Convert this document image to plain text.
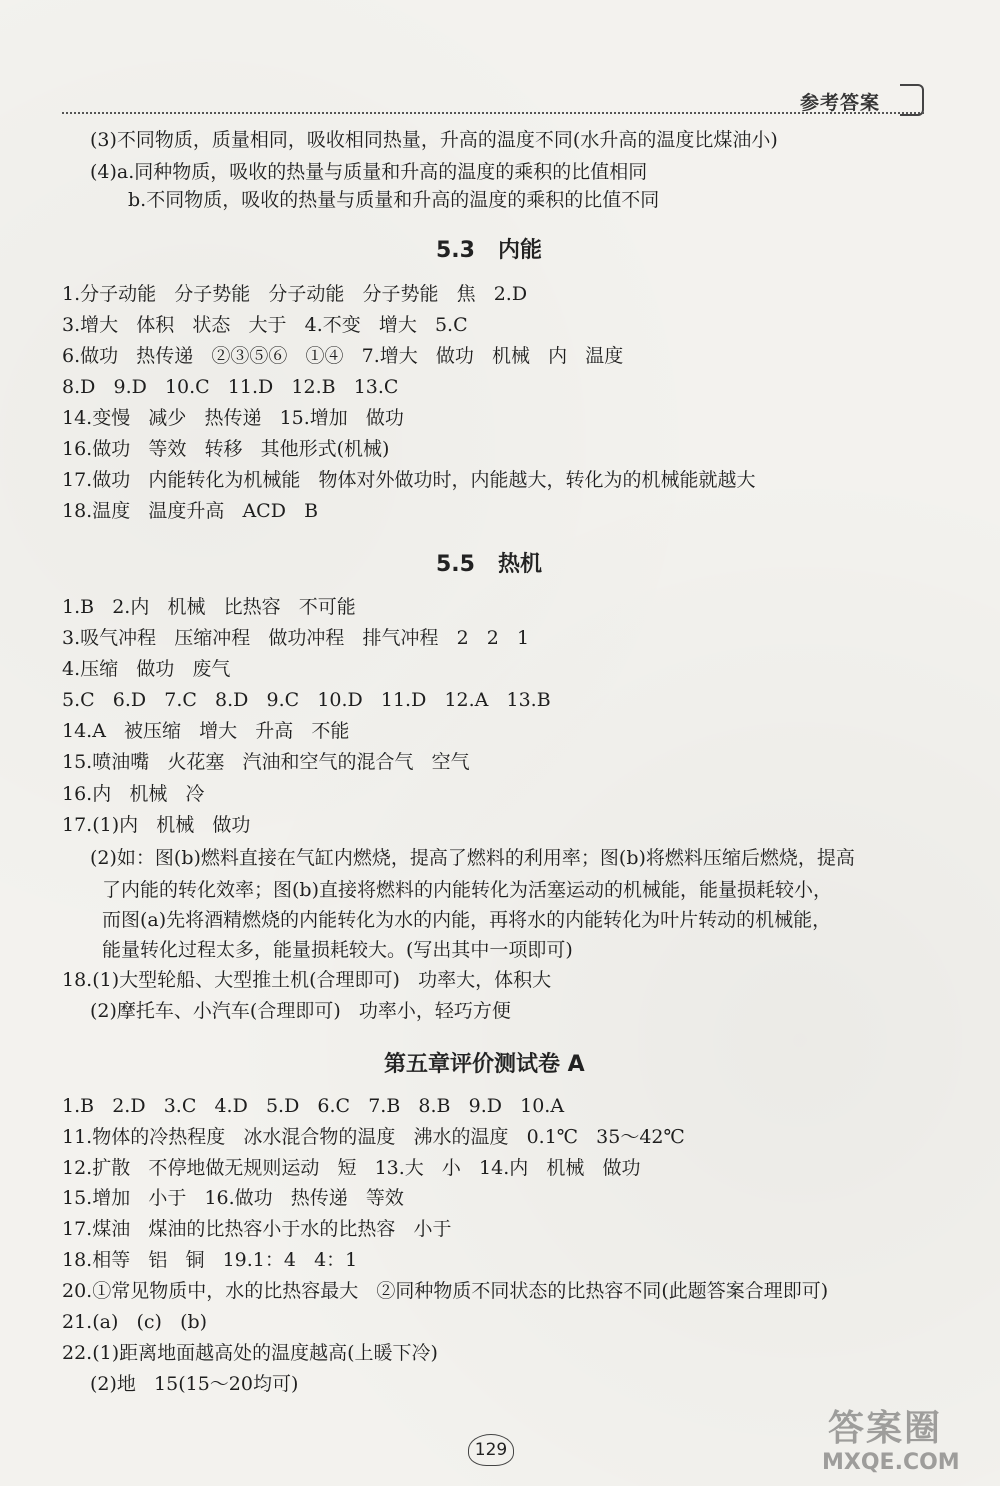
参考答案
(3)不同物质，质量相同，吸收相同热量，升高的温度不同(水升高的温度比煤油小)
(4)a.同种物质，吸收的热量与质量和升高的温度的乘积的比值相同
b.不同物质，吸收的热量与质量和升高的温度的乘积的比值不同
5.3   内能
1.分子动能   分子势能   分子动能   分子势能   焦   2.D
3.增大   体积   状态   大于   4.不变   增大   5.C
6.做功   热传递   ②③⑤⑥   ①④   7.增大   做功   机械   内   温度
8.D   9.D   10.C   11.D   12.B   13.C
14.变慢   减少   热传递   15.增加   做功
16.做功   等效   转移   其他形式(机械)
17.做功   内能转化为机械能   物体对外做功时，内能越大，转化为的机械能就越大
18.温度   温度升高   ACD   B
5.5   热机
1.B   2.内   机械   比热容   不可能
3.吸气冲程   压缩冲程   做功冲程   排气冲程   2   2   1
4.压缩   做功   废气
5.C   6.D   7.C   8.D   9.C   10.D   11.D   12.A   13.B
14.A   被压缩   增大   升高   不能
15.喷油嘴   火花塞   汽油和空气的混合气   空气
16.内   机械   冷
17.(1)内   机械   做功
(2)如：图(b)燃料直接在气缸内燃烧，提高了燃料的利用率；图(b)将燃料压缩后燃烧，提高
了内能的转化效率；图(b)直接将燃料的内能转化为活塞运动的机械能，能量损耗较小，
而图(a)先将酒精燃烧的内能转化为水的内能，再将水的内能转化为叶片转动的机械能，
能量转化过程太多，能量损耗较大。(写出其中一项即可)
18.(1)大型轮船、大型推土机(合理即可)   功率大，体积大
(2)摩托车、小汽车(合理即可)   功率小，轻巧方便
第五章评价测试卷 A
1.B   2.D   3.C   4.D   5.D   6.C   7.B   8.B   9.D   10.A
11.物体的冷热程度   冰水混合物的温度   沸水的温度   0.1℃   35～42℃
12.扩散   不停地做无规则运动   短   13.大   小   14.内   机械   做功
15.增加   小于   16.做功   热传递   等效
17.煤油   煤油的比热容小于水的比热容   小于
18.相等   铝   铜   19.1：4   4：1
20.①常见物质中，水的比热容最大   ②同种物质不同状态的比热容不同(此题答案合理即可)
21.(a)   (c)   (b)
22.(1)距离地面越高处的温度越高(上暖下冷)
(2)地   15(15～20均可)
129
答案圈
MXQE.COM
